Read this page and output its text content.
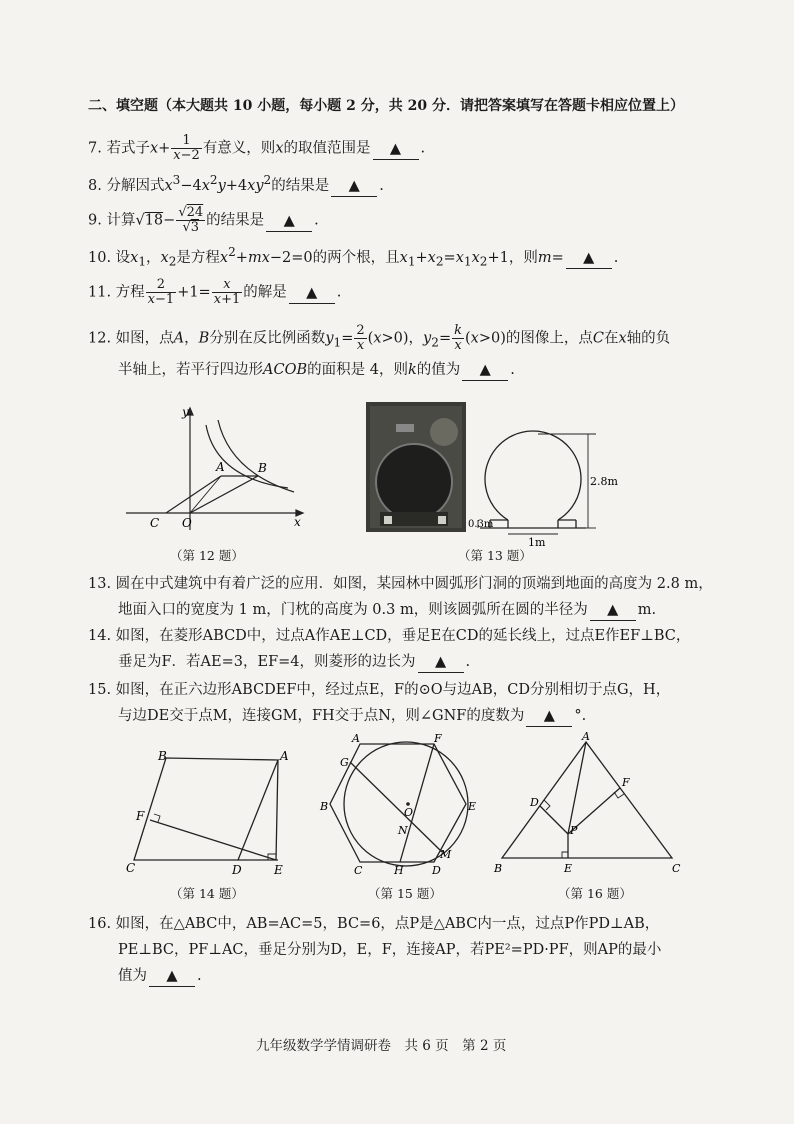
二、填空题（本大题共 10 小题，每小题 2 分，共 20 分．请把答案填写在答题卡相应位置上）
7. 若式子$x+ \frac{1}{x-2}$ 有意义，则x的取值范围是 ▲ .
8. 分解因式$x^3-4x^2y+4xy^2$的结果是 ▲ .
9. 计算$√18- \frac{√24}{√3}$ 的结果是 ▲ .
10. 设$x_1$，$x_2$是方程$x^2+mx-2=0$的两个根，且$x_1+x_2=x_1x_2+1$，则m= ▲ .
11. 方程 $\frac{2}{x-1} +1= \frac{x}{x+1}$ 的解是 ▲ .
12. 如图，点A，B分别在反比例函数$y_1= \frac{2}{x} (x>0)$，$y_2= \frac{k}{x} (x>0)$的图像上，点C在x轴的负
半轴上，若平行四边形ACOB的面积是 4，则k的值为 ▲ .
y
x
A	B
C O
（第 12 题）
2.8m
0.3m
1m
（第 13 题）
13. 圆在中式建筑中有着广泛的应用．如图，某园林中圆弧形门洞的顶端到地面的高度为 2.8 m，
地面入口的宽度为 1 m，门枕的高度为 0.3 m，则该圆弧所在圆的半径为 ▲ m.
14. 如图，在菱形ABCD中，过点A作AE⊥CD，垂足E在CD的延长线上，过点E作EF⊥BC，
垂足为F．若AE=3，EF=4，则菱形的边长为 ▲ .
15. 如图，在正六边形ABCDEF中，经过点E，F的⊙O与边AB，CD分别相切于点G，H，
与边DE交于点M，连接GM，FH交于点N，则∠GNF的度数为 ▲ °.
B	A
F
C	D	E
（第 14 题）
A	F
G
B	E
O
N
M
C	H	D
（第 15 题）
A
D
F
P
B	E	C
（第 16 题）
16. 如图，在△ABC中，AB=AC=5，BC=6，点P是△ABC内一点，过点P作PD⊥AB，
PE⊥BC，PF⊥AC，垂足分别为D，E，F，连接AP，若PE²=PD·PF，则AP的最小
值为 ▲ .
九年级数学学情调研卷　共 6 页　第 2 页
